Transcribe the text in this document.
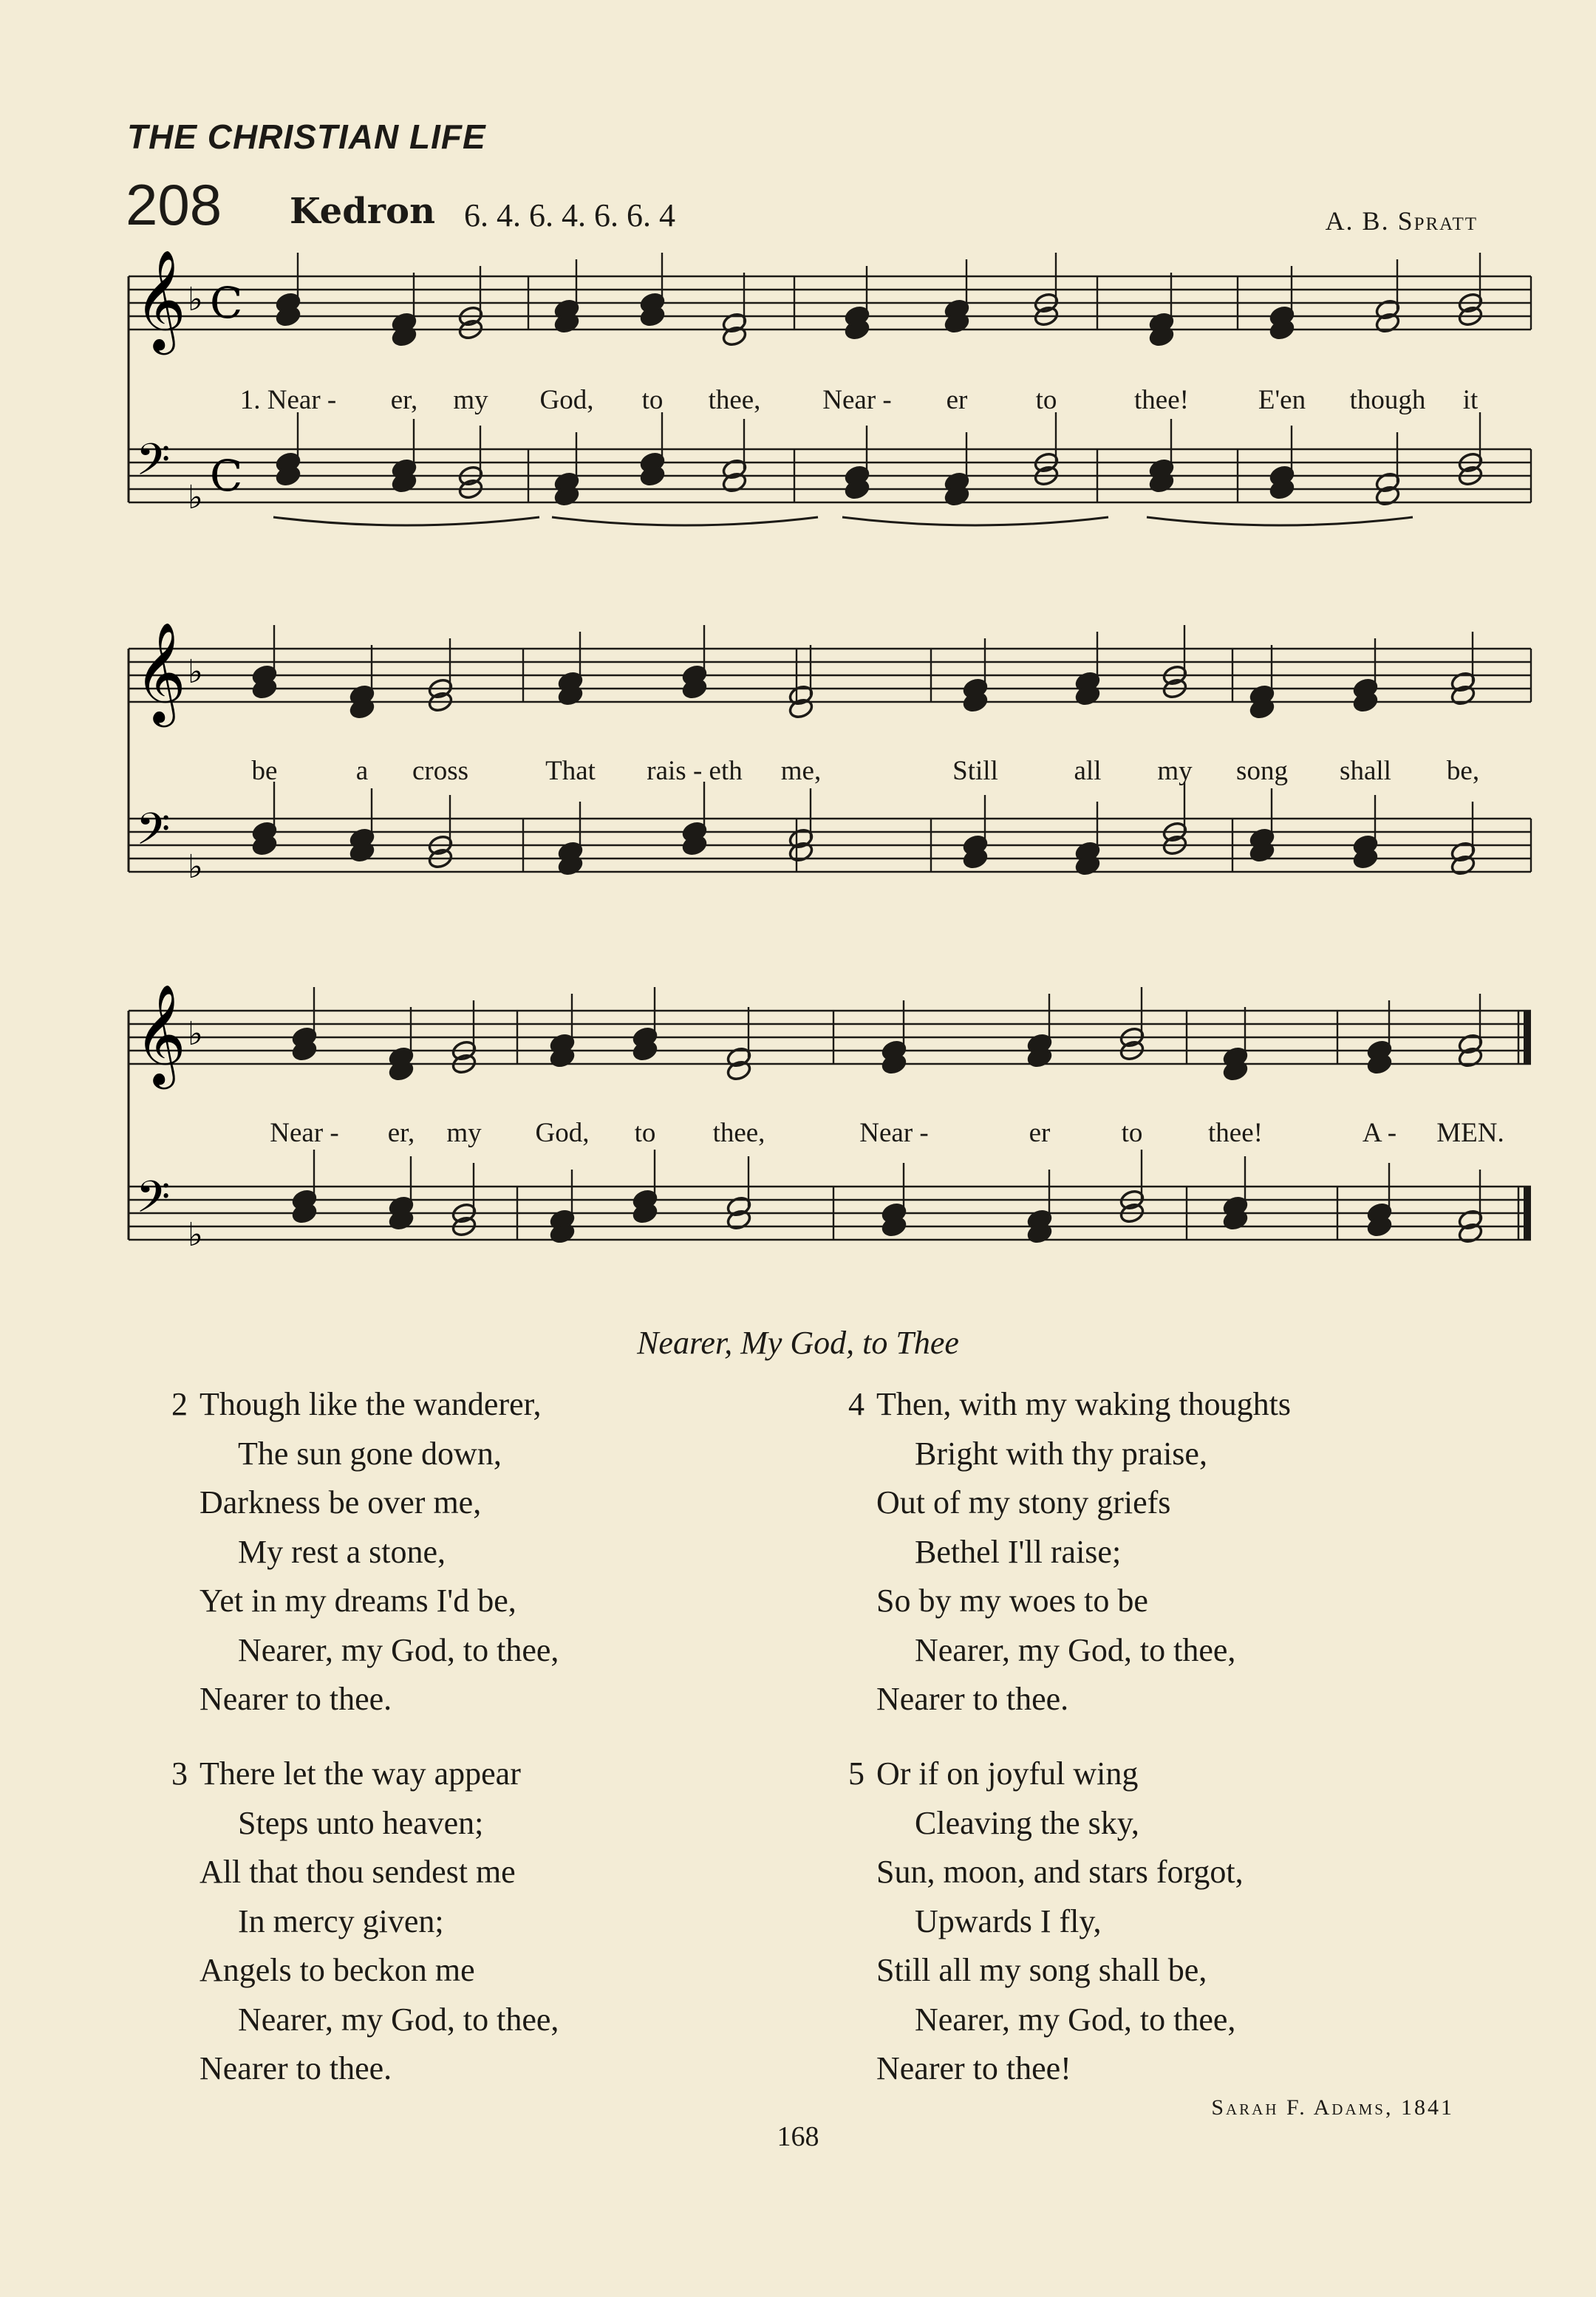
THE CHRISTIAN LIFE
208 Kedron 6. 4. 6. 4. 6. 6. 4	A. B. Spratt
𝄞
𝄢
♭
♭
C
C
1. Near - er, my God, to thee, Near - er to	thee!	E'en though it
𝄞
𝄢
♭
♭
be	a cross	That rais - eth me,	Still	all my song shall be,
𝄞
𝄢
♭
♭
Near - er, my God, to thee,	Near -	er	to thee!	A - MEN.
Nearer, My God, to Thee
2 Though like the wanderer,
The sun gone down,
Darkness be over me,
My rest a stone,
Yet in my dreams I'd be,
Nearer, my God, to thee,
Nearer to thee.
3 There let the way appear
Steps unto heaven;
All that thou sendest me
In mercy given;
Angels to beckon me
Nearer, my God, to thee,
Nearer to thee.
4 Then, with my waking thoughts
Bright with thy praise,
Out of my stony griefs
Bethel I'll raise;
So by my woes to be
Nearer, my God, to thee,
Nearer to thee.
5 Or if on joyful wing
Cleaving the sky,
Sun, moon, and stars forgot,
Upwards I fly,
Still all my song shall be,
Nearer, my God, to thee,
Nearer to thee!
Sarah F. Adams, 1841
168
